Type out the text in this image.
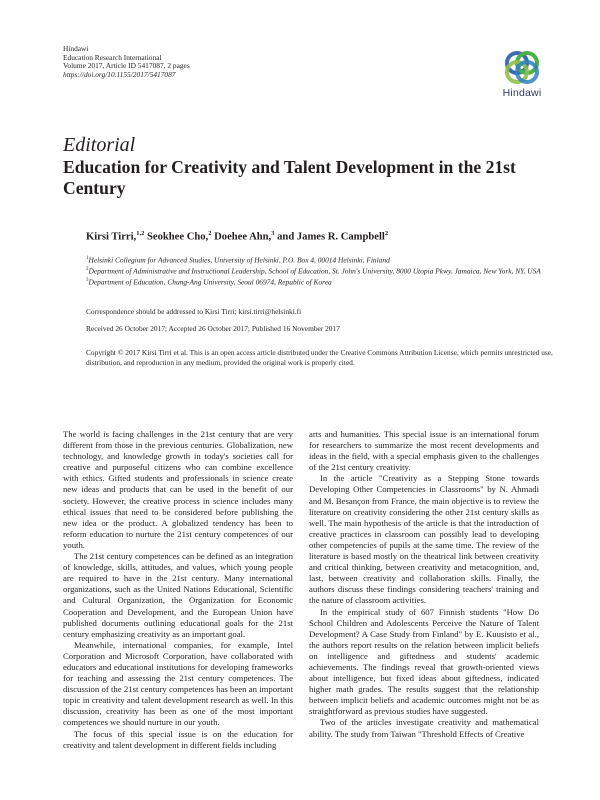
Hindawi
Education Research International
Volume 2017, Article ID 5417087, 2 pages
https://doi.org/10.1155/2017/5417087
Hindawi
Editorial
Education for Creativity and Talent Development in the 21st Century
Kirsi Tirri,$^{1,2}$ Seokhee Cho,$^2$ Doehee Ahn,$^3$ and James R. Campbell$^2$
$^1$Helsinki Collegium for Advanced Studies, University of Helsinki, P.O. Box 4, 00014 Helsinki, Finland
$^2$Department of Administrative and Instructional Leadership, School of Education, St. John's University, 8000 Utopia Pkwy, Jamaica, New York, NY, USA
$^3$Department of Education, Chung-Ang University, Seoul 06974, Republic of Korea
Correspondence should be addressed to Kirsi Tirri; kirsi.tirri@helsinki.fi
Received 26 October 2017; Accepted 26 October 2017; Published 16 November 2017
Copyright © 2017 Kirsi Tirri et al. This is an open access article distributed under the Creative Commons Attribution License, which permits unrestricted use, distribution, and reproduction in any medium, provided the original work is properly cited.

The world is facing challenges in the 21st century that are very different from those in the previous centuries. Globalization, new technology, and knowledge growth in today's societies call for creative and purposeful citizens who can combine excellence with ethics. Gifted students and professionals in science create new ideas and products that can be used in the benefit of our society. However, the creative process in science includes many ethical issues that need to be considered before publishing the new idea or the product. A globalized tendency has been to reform education to nurture the 21st century competences of our youth.

The 21st century competences can be defined as an integration of knowledge, skills, attitudes, and values, which young people are required to have in the 21st century. Many international organizations, such as the United Nations Educational, Scientific and Cultural Organization, the Organization for Economic Cooperation and Development, and the European Union have published documents outlining educational goals for the 21st century emphasizing creativity as an important goal.

Meanwhile, international companies, for example, Intel Corporation and Microsoft Corporation, have collaborated with educators and educational institutions for developing frameworks for teaching and assessing the 21st century competences. The discussion of the 21st century competences has been an important topic in creativity and talent development research as well. In this discussion, creativity has been as one of the most important competences we should nurture in our youth.

The focus of this special issue is on the education for creativity and talent development in different fields including

arts and humanities. This special issue is an international forum for researchers to summarize the most recent developments and ideas in the field, with a special emphasis given to the challenges of the 21st century creativity.

In the article "Creativity as a Stepping Stone towards Developing Other Competencies in Classrooms" by N. Ahmadi and M. Besançon from France, the main objective is to review the literature on creativity considering the other 21st century skills as well. The main hypothesis of the article is that the introduction of creative practices in classroom can possibly lead to developing other competencies of pupils at the same time. The review of the literature is based mostly on the theatrical link between creativity and critical thinking, between creativity and metacognition, and, last, between creativity and collaboration skills. Finally, the authors discuss these findings considering teachers' training and the nature of classroom activities.

In the empirical study of 607 Finnish students "How Do School Children and Adolescents Perceive the Nature of Talent Development? A Case Study from Finland" by E. Kuusisto et al., the authors report results on the relation between implicit beliefs on intelligence and giftedness and students' academic achievements. The findings reveal that growth-oriented views about intelligence, but fixed ideas about giftedness, indicated higher math grades. The results suggest that the relationship between implicit beliefs and academic outcomes might not be as straightforward as previous studies have suggested.

Two of the articles investigate creativity and mathematical ability. The study from Taiwan "Threshold Effects of Creative
